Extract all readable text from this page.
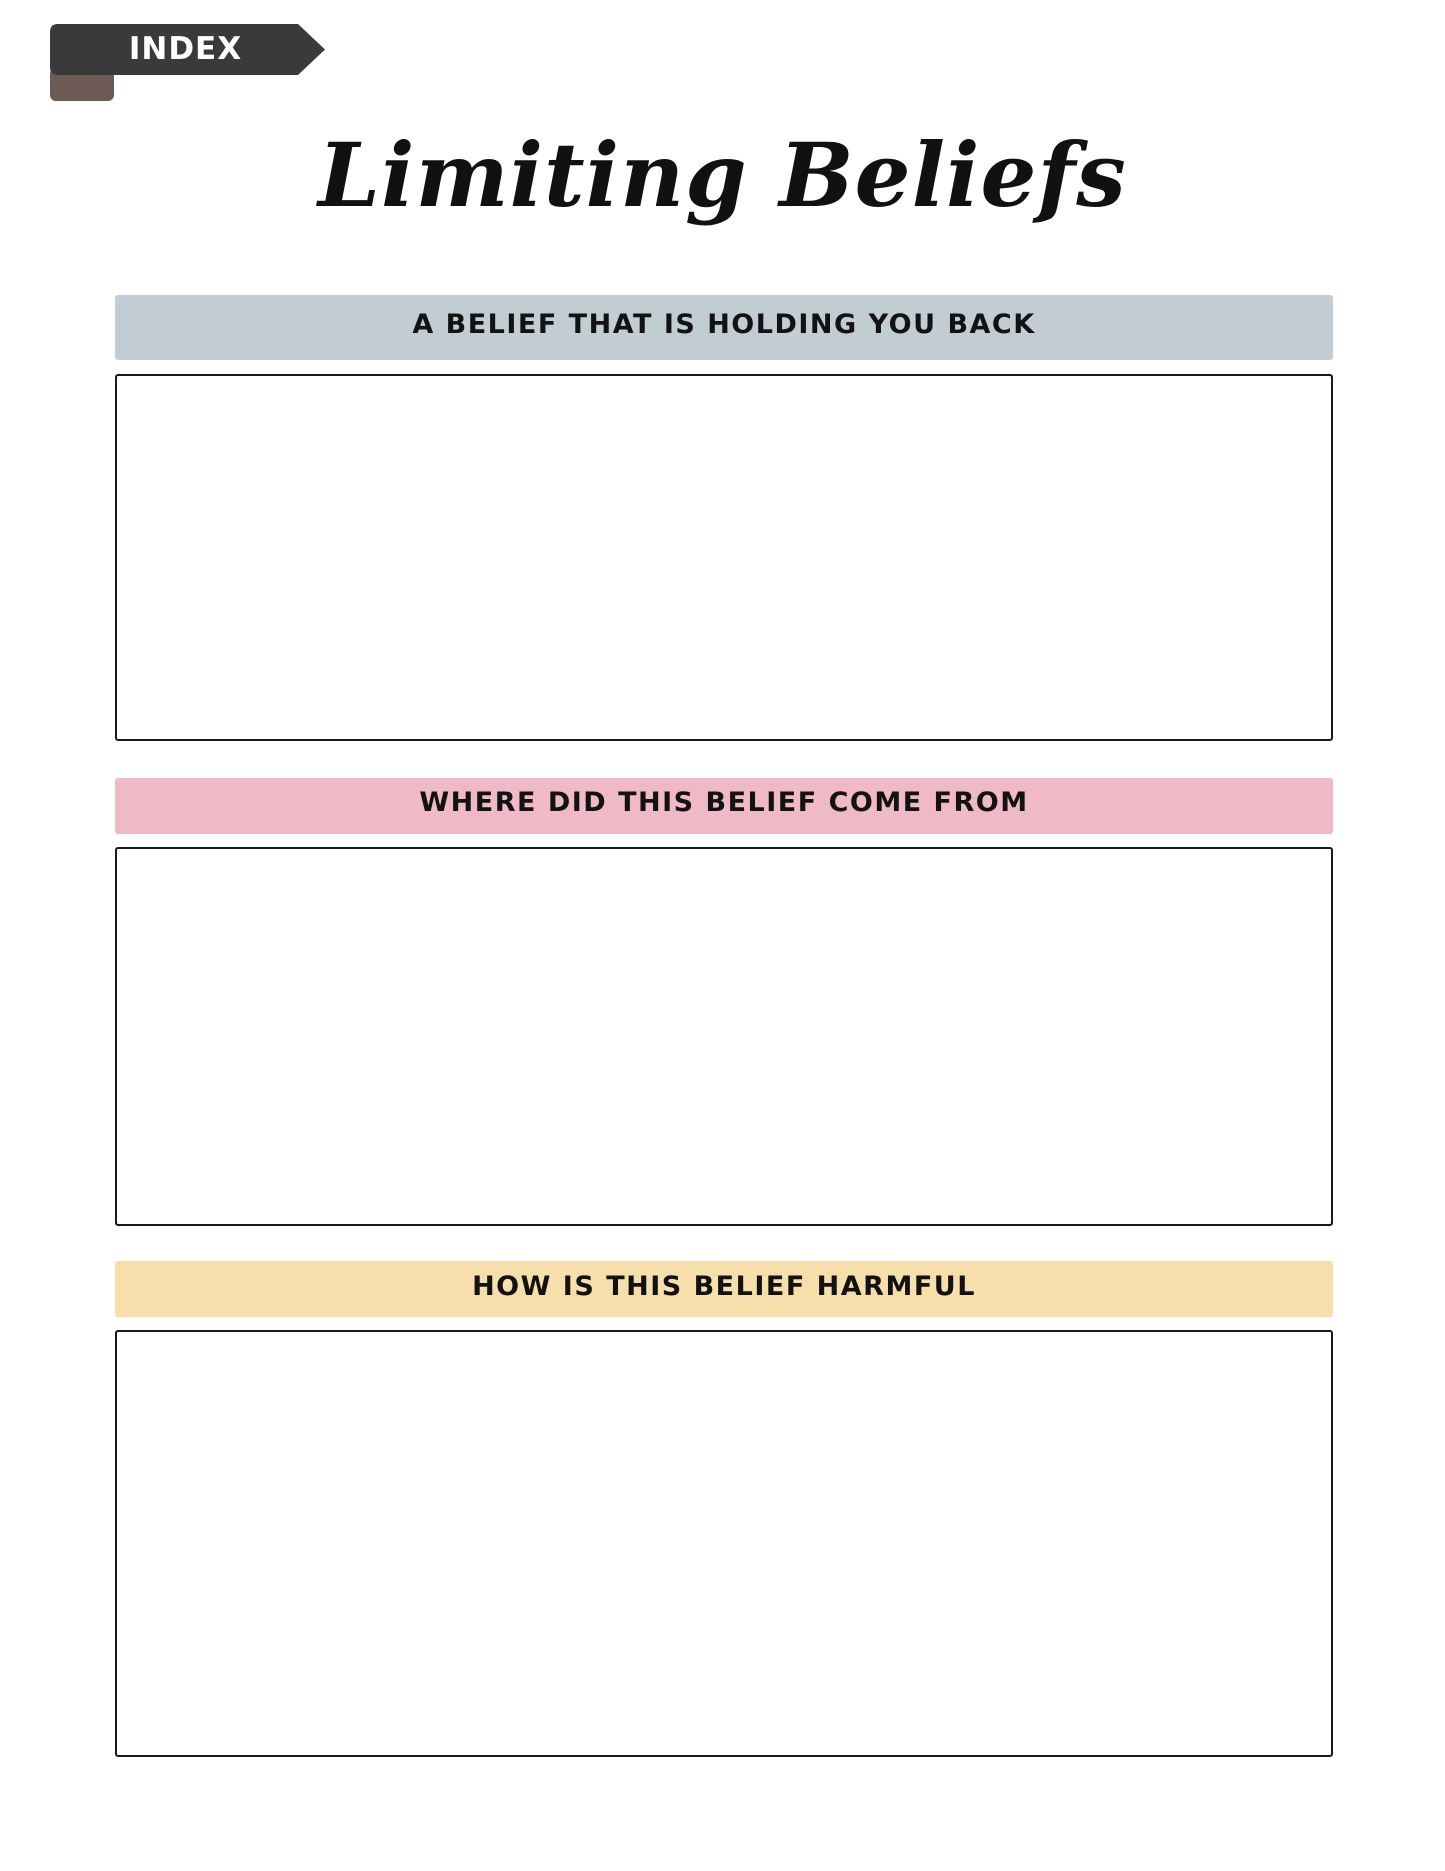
INDEX
Limiting Beliefs
A BELIEF THAT IS HOLDING YOU BACK
WHERE DID THIS BELIEF COME FROM
HOW IS THIS BELIEF HARMFUL
